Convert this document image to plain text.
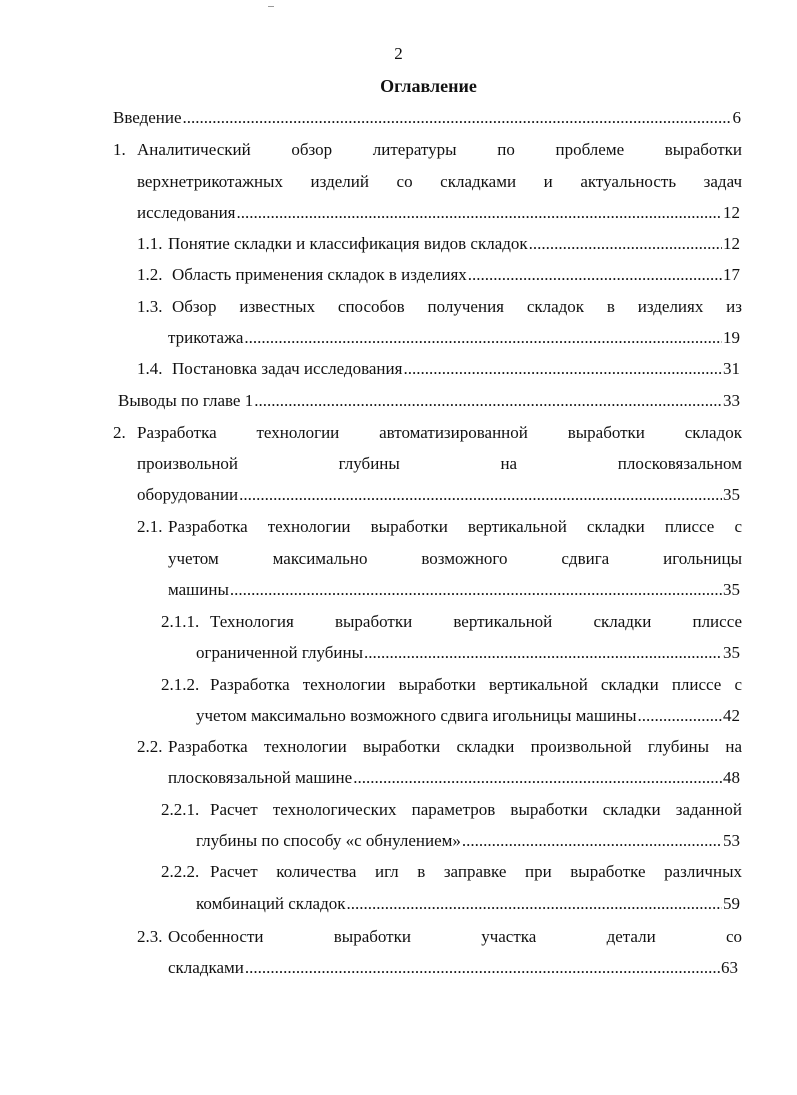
2
Оглавление
Введение .....	6
1. Аналитический обзор литературы по проблеме выработки
верхнетрикотажных изделий со складками и актуальность задач
исследования .....	12
1.1. Понятие складки и классификация видов складок .....	12
1.2. Область применения складок в изделиях .....	17
1.3. Обзор известных способов получения складок в изделиях из
трикотажа .....	19
1.4. Постановка задач исследования .....	31
Выводы по главе 1 .....	33
2. Разработка технологии автоматизированной выработки складок
произвольной глубины на плосковязальном
оборудовании .....	35
2.1. Разработка технологии выработки вертикальной складки плиссе с
учетом максимально возможного сдвига игольницы
машины .....	35
2.1.1. Технология выработки вертикальной складки плиссе
ограниченной глубины .....	35
2.1.2. Разработка технологии выработки вертикальной складки плиссе с
учетом максимально возможного сдвига игольницы машины .....	42
2.2. Разработка технологии выработки складки произвольной глубины на
плосковязальной машине .....	48
2.2.1. Расчет технологических параметров выработки складки заданной
глубины по способу «с обнулением» .....	53
2.2.2. Расчет количества игл в заправке при выработке различных
комбинаций складок .....	59
2.3. Особенности выработки участка детали со
складками .....	63
